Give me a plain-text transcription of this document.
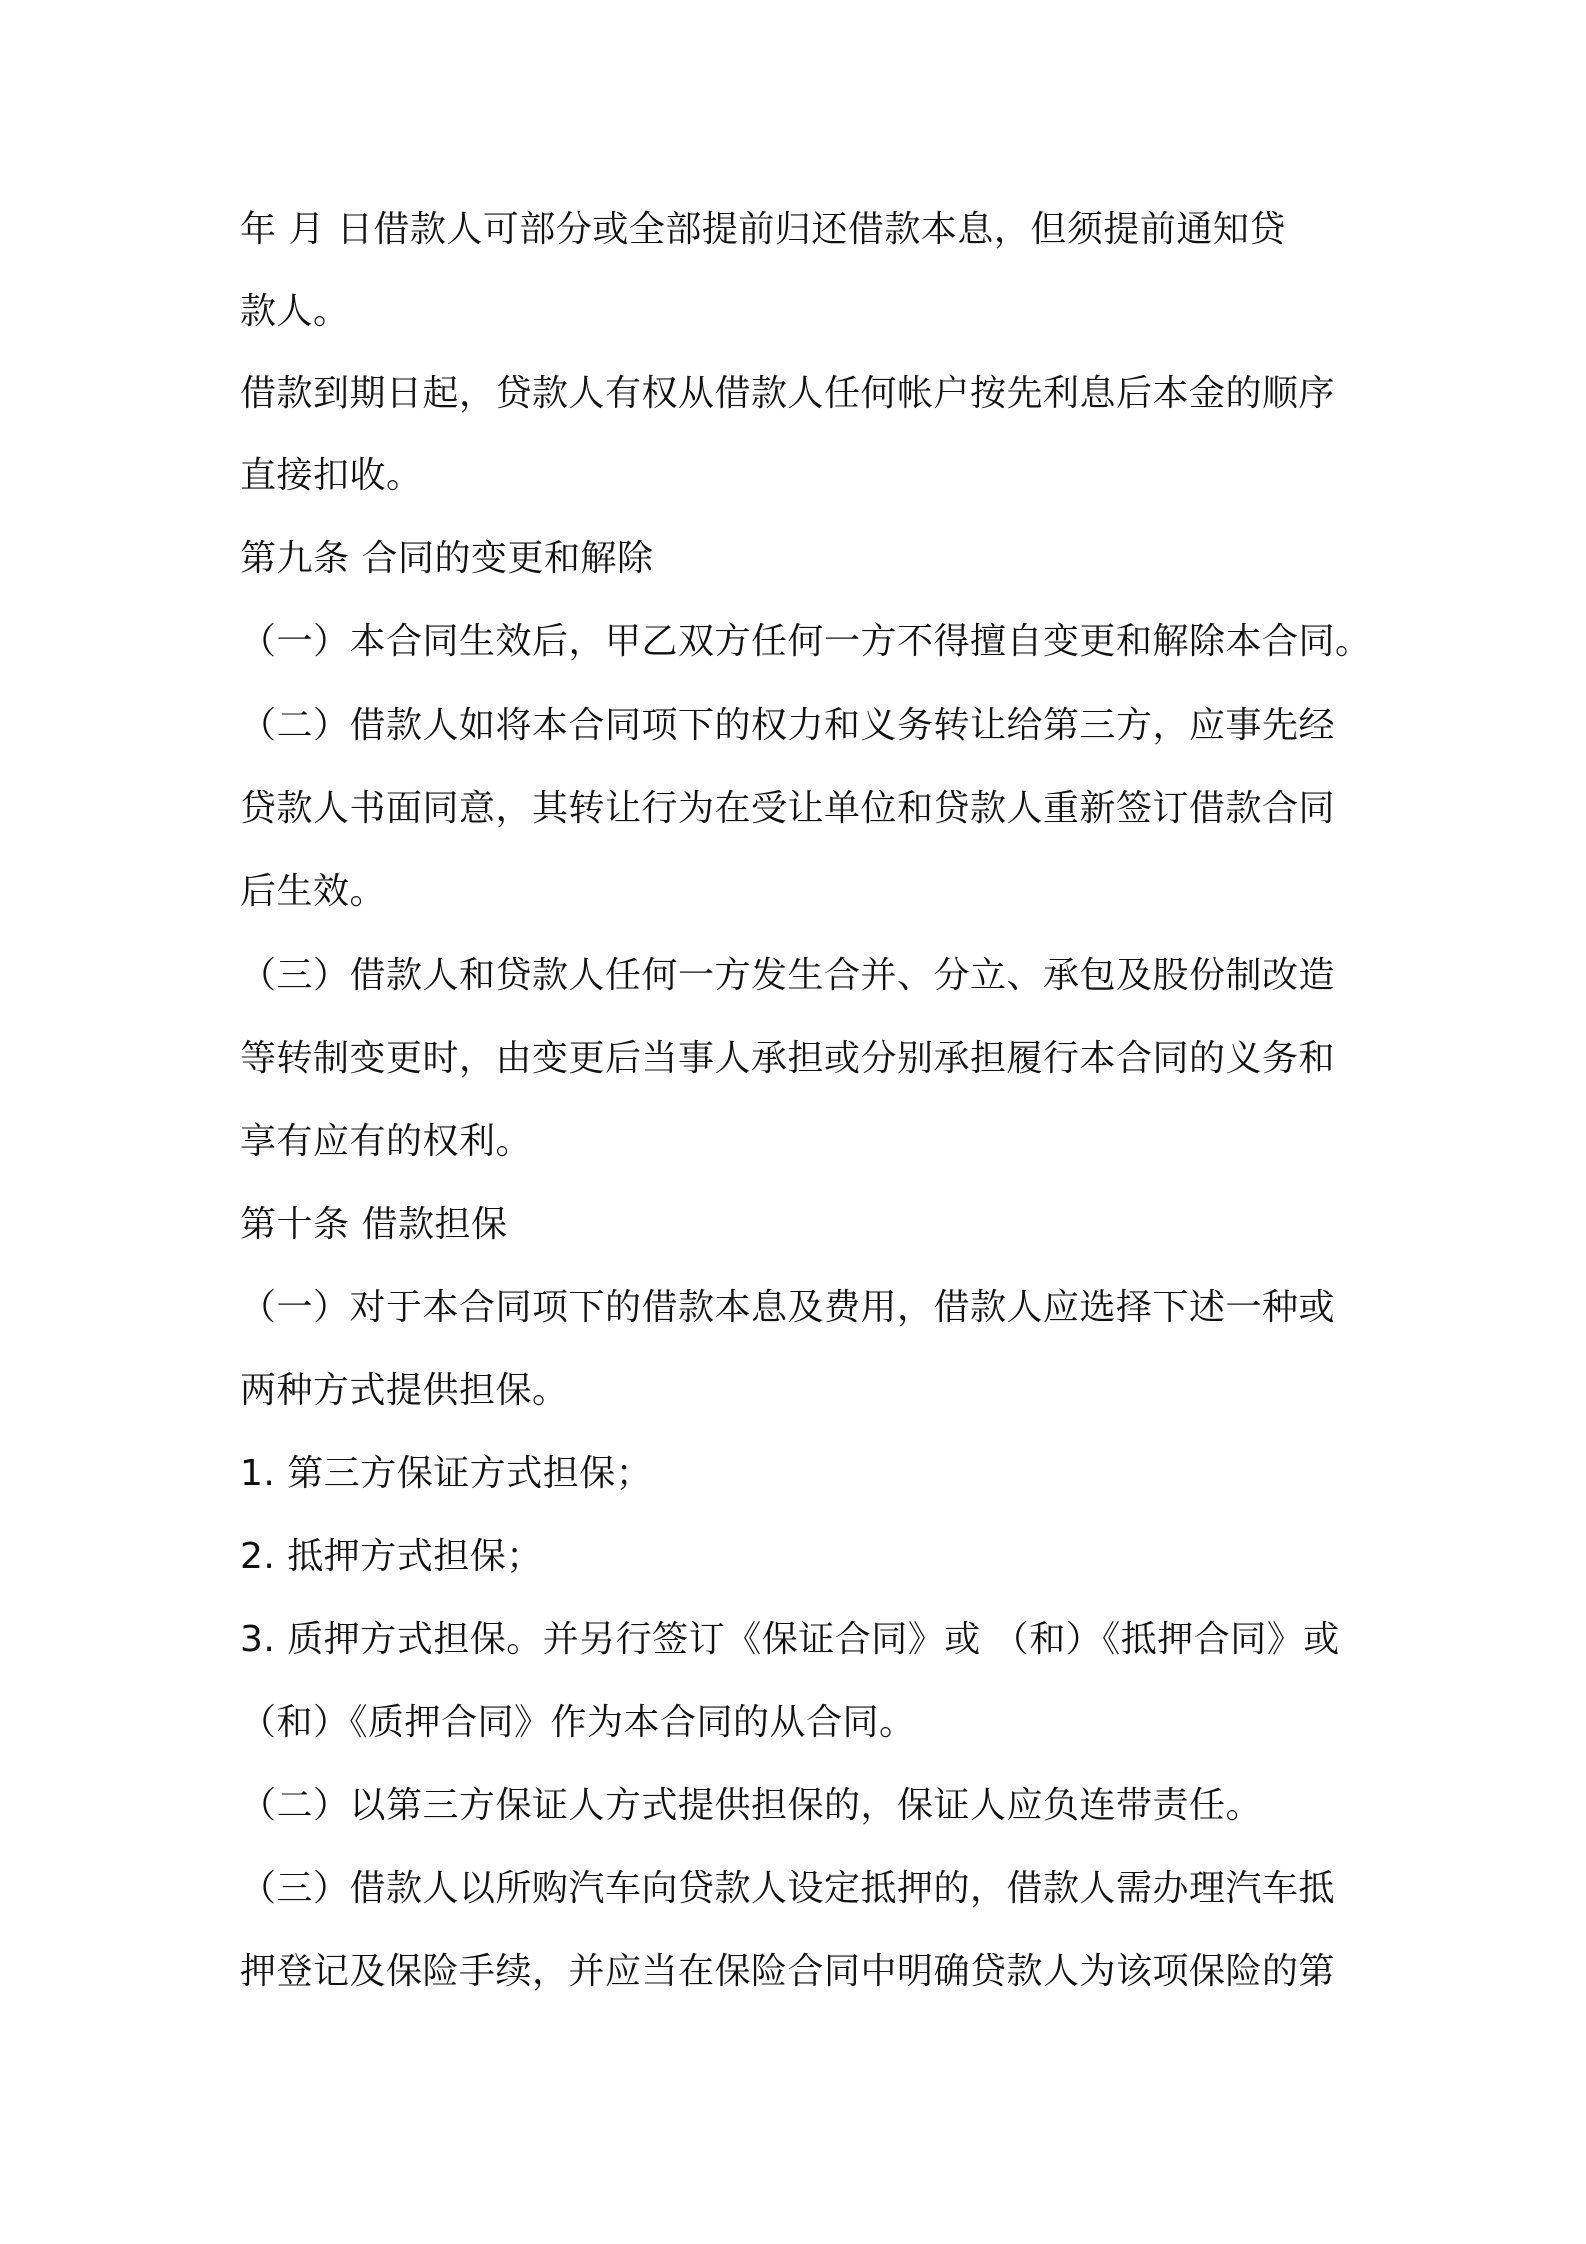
年 月 日借款人可部分或全部提前归还借款本息，但须提前通知贷
款人。
借款到期日起，贷款人有权从借款人任何帐户按先利息后本金的顺序
直接扣收。
第九条 合同的变更和解除
（一）本合同生效后，甲乙双方任何一方不得擅自变更和解除本合同。
（二）借款人如将本合同项下的权力和义务转让给第三方，应事先经
贷款人书面同意，其转让行为在受让单位和贷款人重新签订借款合同
后生效。
（三）借款人和贷款人任何一方发生合并、分立、承包及股份制改造
等转制变更时，由变更后当事人承担或分别承担履行本合同的义务和
享有应有的权利。
第十条 借款担保
（一）对于本合同项下的借款本息及费用，借款人应选择下述一种或
两种方式提供担保。
1. 第三方保证方式担保；
2. 抵押方式担保；
3. 质押方式担保。并另行签订《保证合同》或 （和）《抵押合同》或
（和）《质押合同》作为本合同的从合同。
（二）以第三方保证人方式提供担保的，保证人应负连带责任。
（三）借款人以所购汽车向贷款人设定抵押的，借款人需办理汽车抵
押登记及保险手续，并应当在保险合同中明确贷款人为该项保险的第
